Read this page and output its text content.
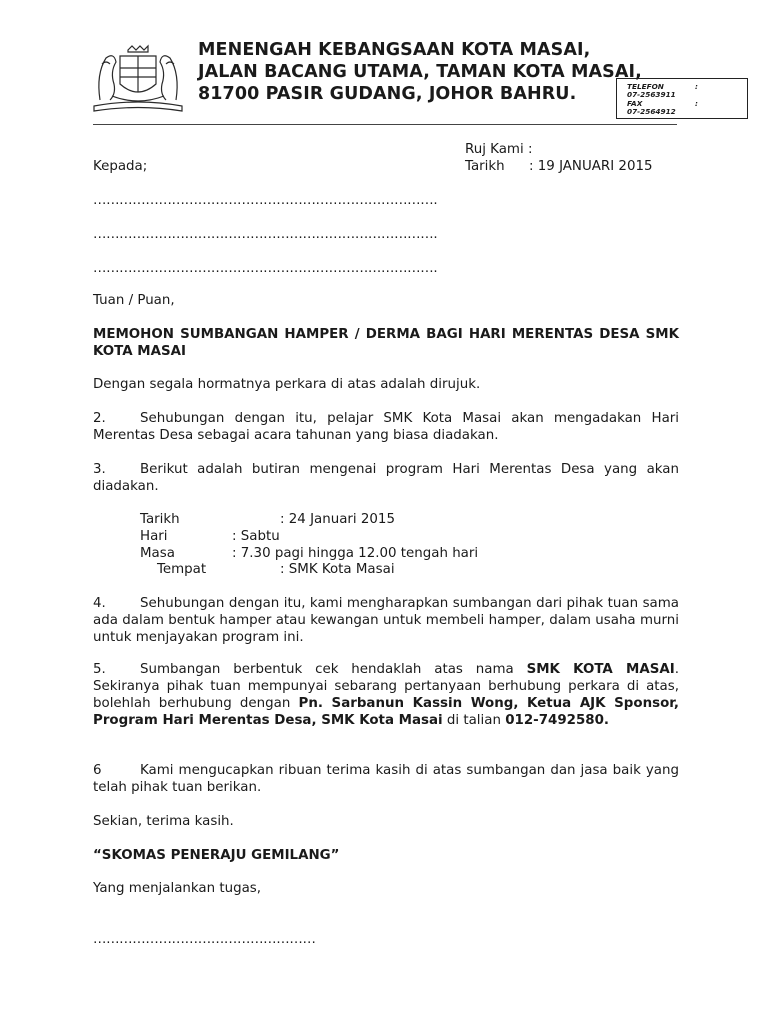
MENENGAH KEBANGSAAN KOTA MASAI,
JALAN BACANG UTAMA, TAMAN KOTA MASAI,
81700 PASIR GUDANG, JOHOR BAHRU.	TELEFON	:
07-2563911
FAX	:
07-2564912
Ruj Kami :
Tarikh : 19 JANUARI 2015
Kepada;
…………………………………………………………………….
…………………………………………………………………….
…………………………………………………………………….
Tuan / Puan,
MEMOHON SUMBANGAN HAMPER / DERMA BAGI HARI MERENTAS DESA SMK KOTA MASAI
Dengan segala hormatnya perkara di atas adalah dirujuk.
2.	Sehubungan dengan itu, pelajar SMK Kota Masai akan mengadakan Hari Merentas Desa sebagai acara tahunan yang biasa diadakan.
3.	Berikut adalah butiran mengenai program Hari Merentas Desa yang akan diadakan.
Tarikh	: 24 Januari 2015
Hari	: Sabtu
Masa	: 7.30 pagi hingga 12.00 tengah hari
Tempat	: SMK Kota Masai
4.	Sehubungan dengan itu, kami mengharapkan sumbangan dari pihak tuan sama ada dalam bentuk hamper atau kewangan untuk membeli hamper, dalam usaha murni untuk menjayakan program ini.
5.	Sumbangan berbentuk cek hendaklah atas nama SMK KOTA MASAI. Sekiranya pihak tuan mempunyai sebarang pertanyaan berhubung perkara di atas, bolehlah berhubung dengan Pn. Sarbanun Kassin Wong, Ketua AJK Sponsor, Program Hari Merentas Desa, SMK Kota Masai di talian 012-7492580.
6	Kami mengucapkan ribuan terima kasih di atas sumbangan dan jasa baik yang telah pihak tuan berikan.
Sekian, terima kasih.
“SKOMAS PENERAJU GEMILANG”
Yang menjalankan tugas,
……………………………………………
